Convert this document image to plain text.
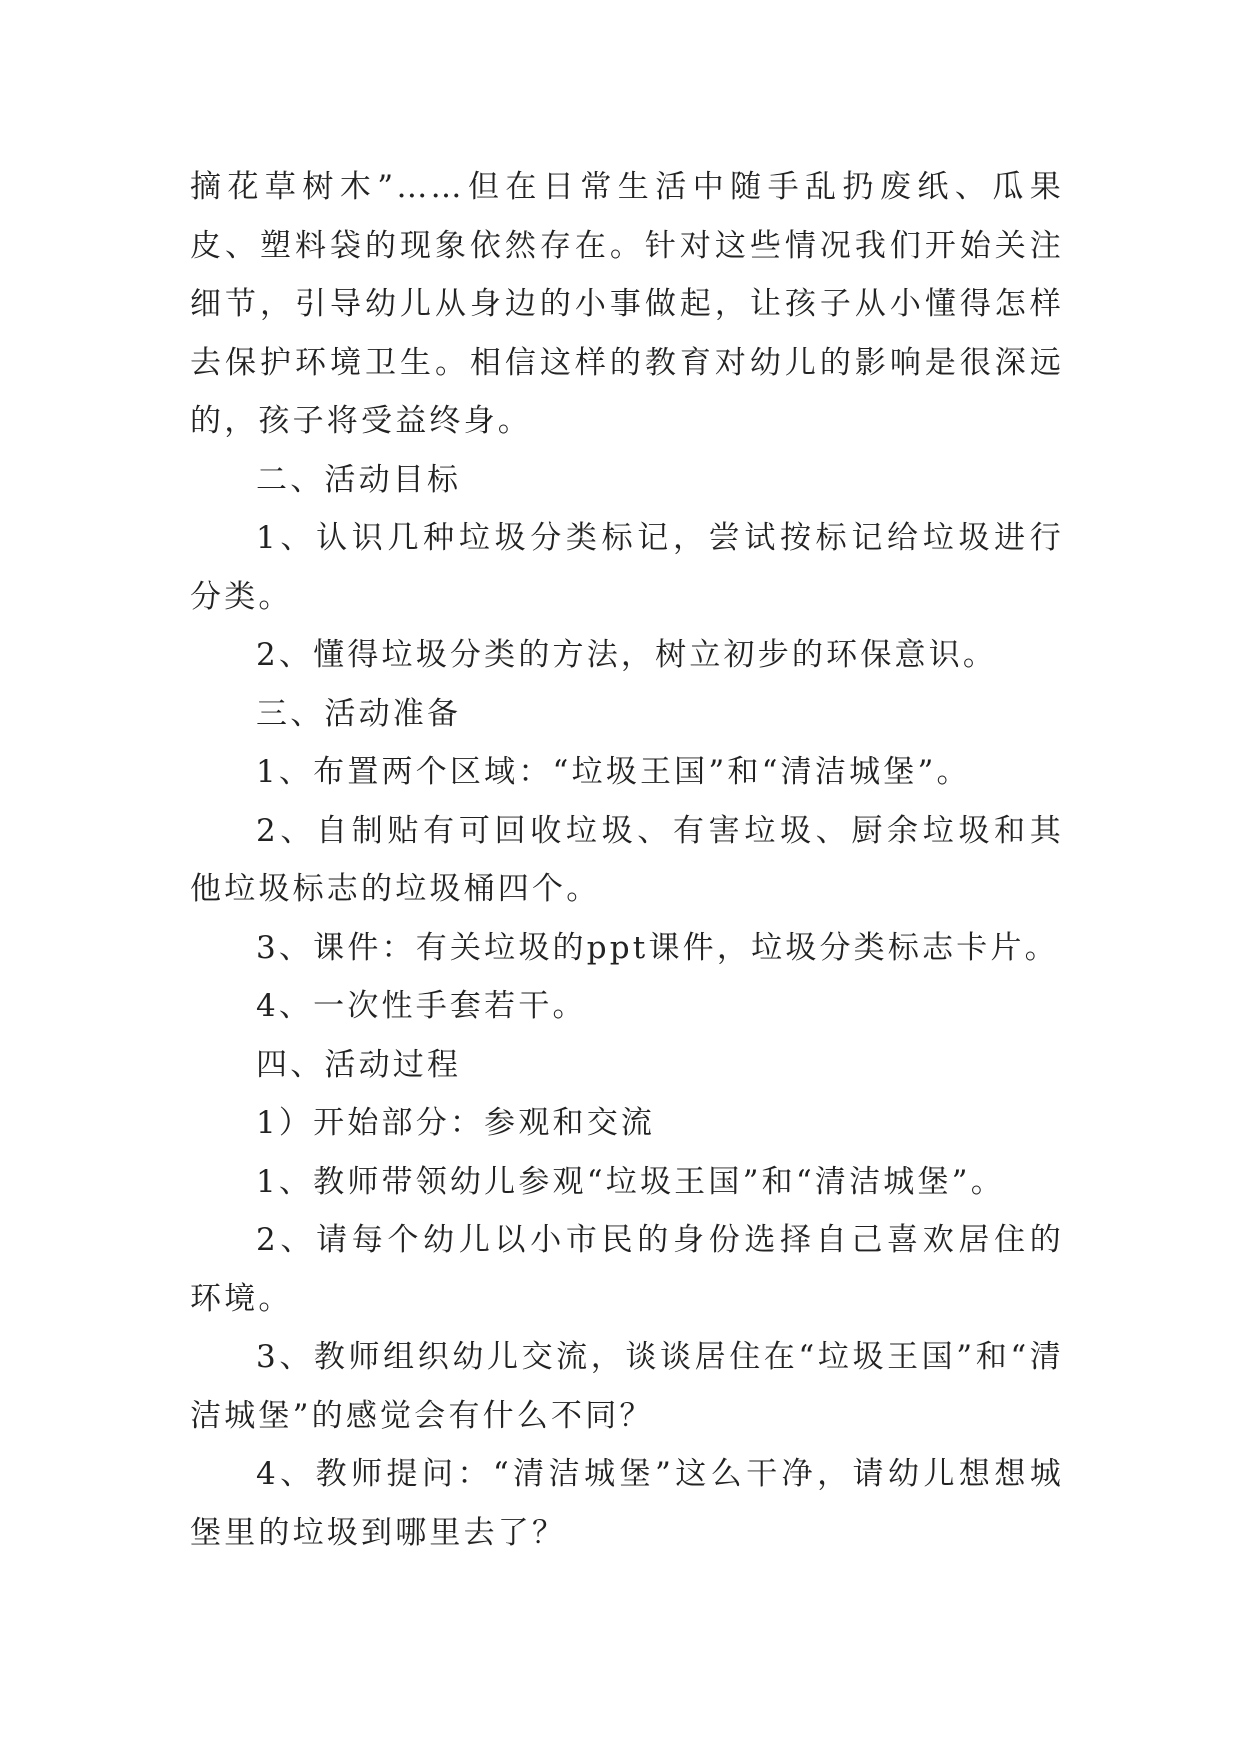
摘花草树木”……但在日常生活中随手乱扔废纸、瓜果皮、塑料袋的现象依然存在。针对这些情况我们开始关注细节，引导幼儿从身边的小事做起，让孩子从小懂得怎样去保护环境卫生。相信这样的教育对幼儿的影响是很深远的，孩子将受益终身。

二、活动目标

1、认识几种垃圾分类标记，尝试按标记给垃圾进行分类。

2、懂得垃圾分类的方法，树立初步的环保意识。

三、活动准备

1、布置两个区域：“垃圾王国”和“清洁城堡”。

2、自制贴有可回收垃圾、有害垃圾、厨余垃圾和其他垃圾标志的垃圾桶四个。

3、课件：有关垃圾的ppt课件，垃圾分类标志卡片。

4、一次性手套若干。

四、活动过程

1）开始部分：参观和交流

1、教师带领幼儿参观“垃圾王国”和“清洁城堡”。

2、请每个幼儿以小市民的身份选择自己喜欢居住的环境。

3、教师组织幼儿交流，谈谈居住在“垃圾王国”和“清洁城堡”的感觉会有什么不同？

4、教师提问：“清洁城堡”这么干净，请幼儿想想城堡里的垃圾到哪里去了？
